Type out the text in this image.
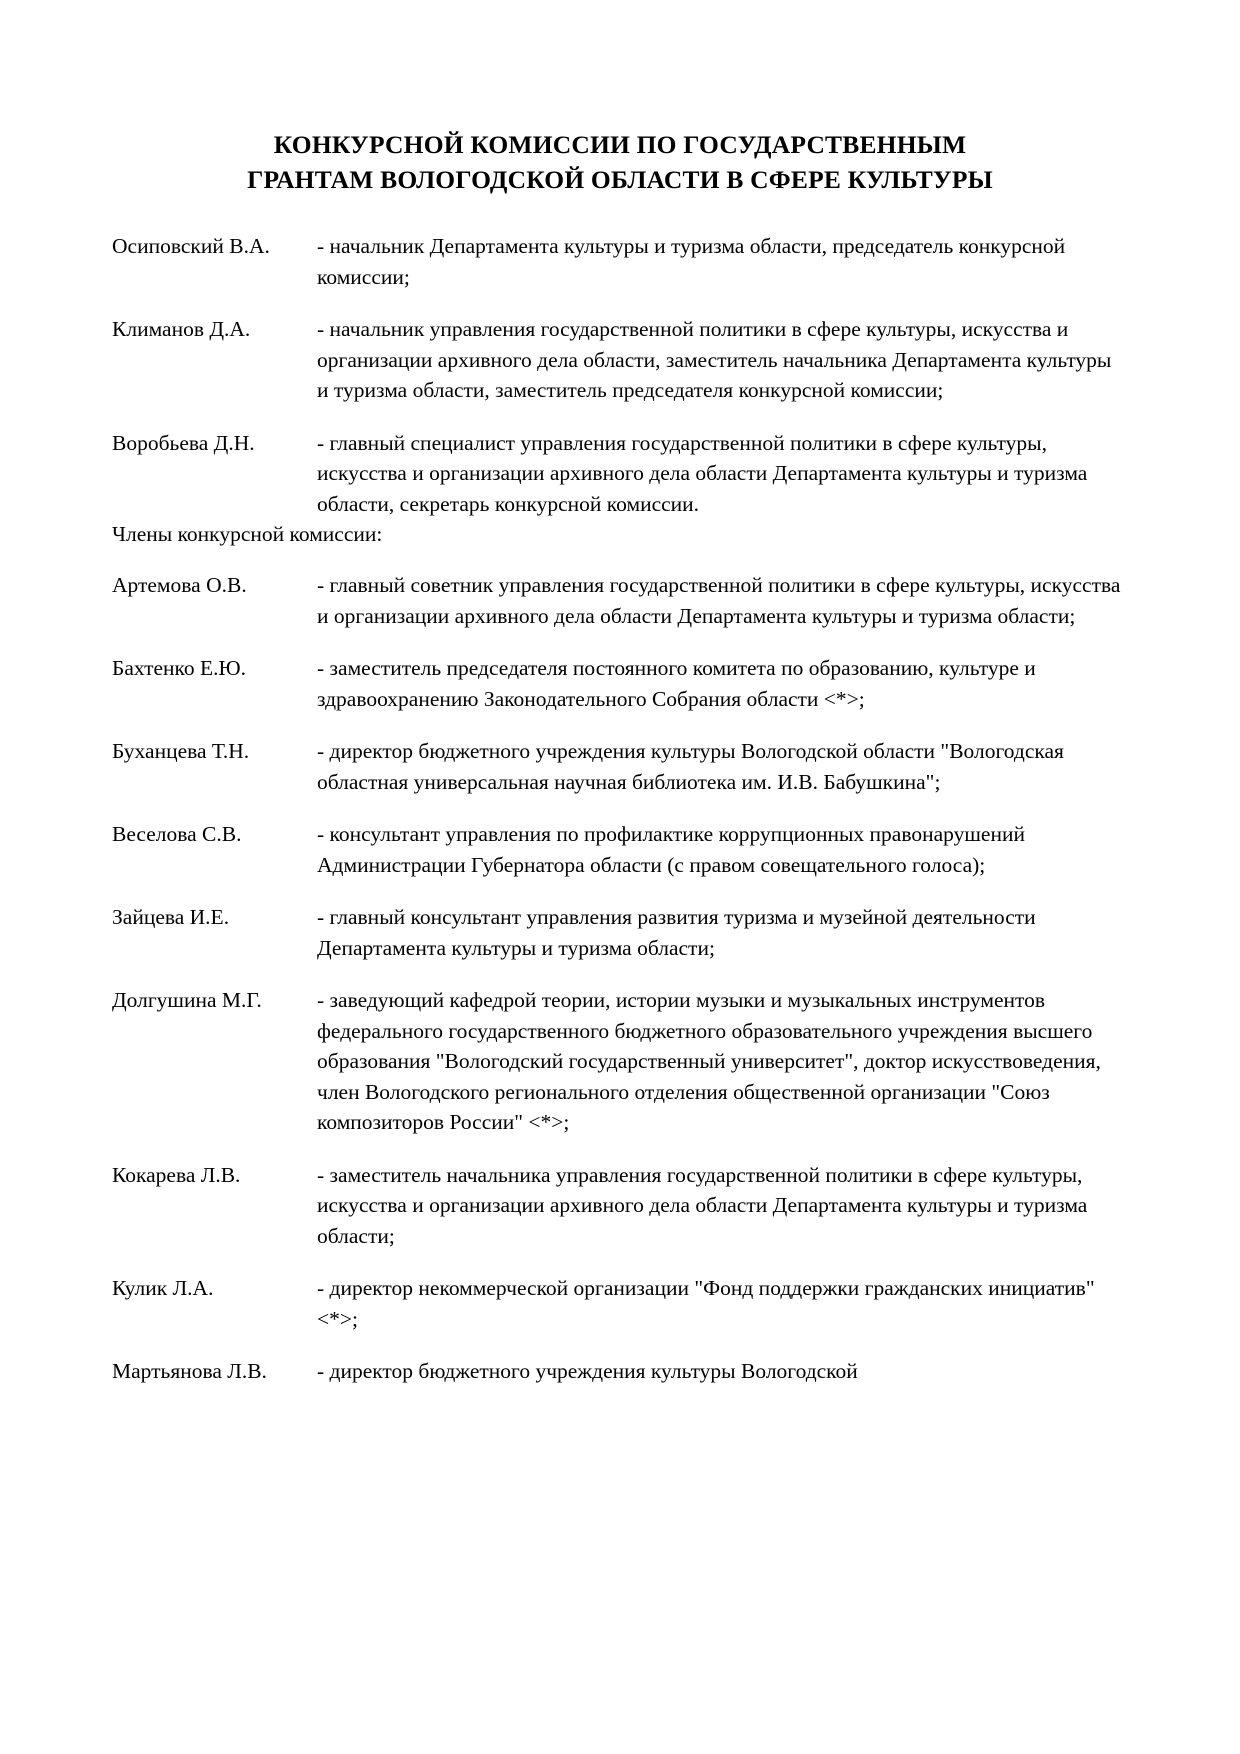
КОНКУРСНОЙ КОМИССИИ ПО ГОСУДАРСТВЕННЫМ
ГРАНТАМ ВОЛОГОДСКОЙ ОБЛАСТИ В СФЕРЕ КУЛЬТУРЫ
Осиповский В.А.	- начальник Департамента культуры и туризма области, председатель конкурсной комиссии;
Климанов Д.А.	- начальник управления государственной политики в сфере культуры, искусства и организации архивного дела области, заместитель начальника Департамента культуры и туризма области, заместитель председателя конкурсной комиссии;
Воробьева Д.Н.	- главный специалист управления государственной политики в сфере культуры, искусства и организации архивного дела области Департамента культуры и туризма области, секретарь конкурсной комиссии.

Члены конкурсной комиссии:

Артемова О.В.	- главный советник управления государственной политики в сфере культуры, искусства и организации архивного дела области Департамента культуры и туризма области;
Бахтенко Е.Ю.	- заместитель председателя постоянного комитета по образованию, культуре и здравоохранению Законодательного Собрания области <*>;
Буханцева Т.Н.	- директор бюджетного учреждения культуры Вологодской области "Вологодская областная универсальная научная библиотека им. И.В. Бабушкина";
Веселова С.В.	- консультант управления по профилактике коррупционных правонарушений Администрации Губернатора области (с правом совещательного голоса);
Зайцева И.Е.	- главный консультант управления развития туризма и музейной деятельности Департамента культуры и туризма области;
Долгушина М.Г.	- заведующий кафедрой теории, истории музыки и музыкальных инструментов федерального государственного бюджетного образовательного учреждения высшего образования "Вологодский государственный университет", доктор искусствоведения, член Вологодского регионального отделения общественной организации "Союз композиторов России" <*>;
Кокарева Л.В.	- заместитель начальника управления государственной политики в сфере культуры, искусства и организации архивного дела области Департамента культуры и туризма области;
Кулик Л.А.	- директор некоммерческой организации "Фонд поддержки гражданских инициатив" <*>;
Мартьянова Л.В.	- директор бюджетного учреждения культуры Вологодской
